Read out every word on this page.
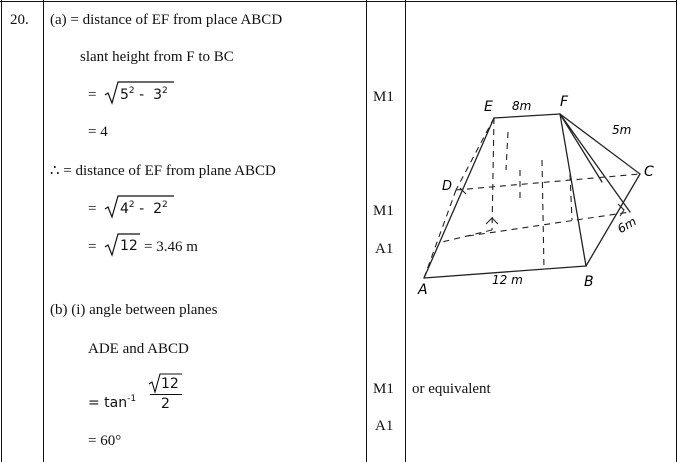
20. (a) = distance of EF from place ABCD
slant height from F to BC
= $5^2 - 3^2$
= 4
∴ = distance of EF from plane ABCD
= $4^2 - 2^2$
= 12 = 3.46 m
(b) (i) angle between planes
ADE and ABCD
= $\tan^{-1}$
12
2
= 60°
M1
M1
A1
M1
A1
or equivalent
E	F
D
C
A	B
8m
5m
6m
12 m
